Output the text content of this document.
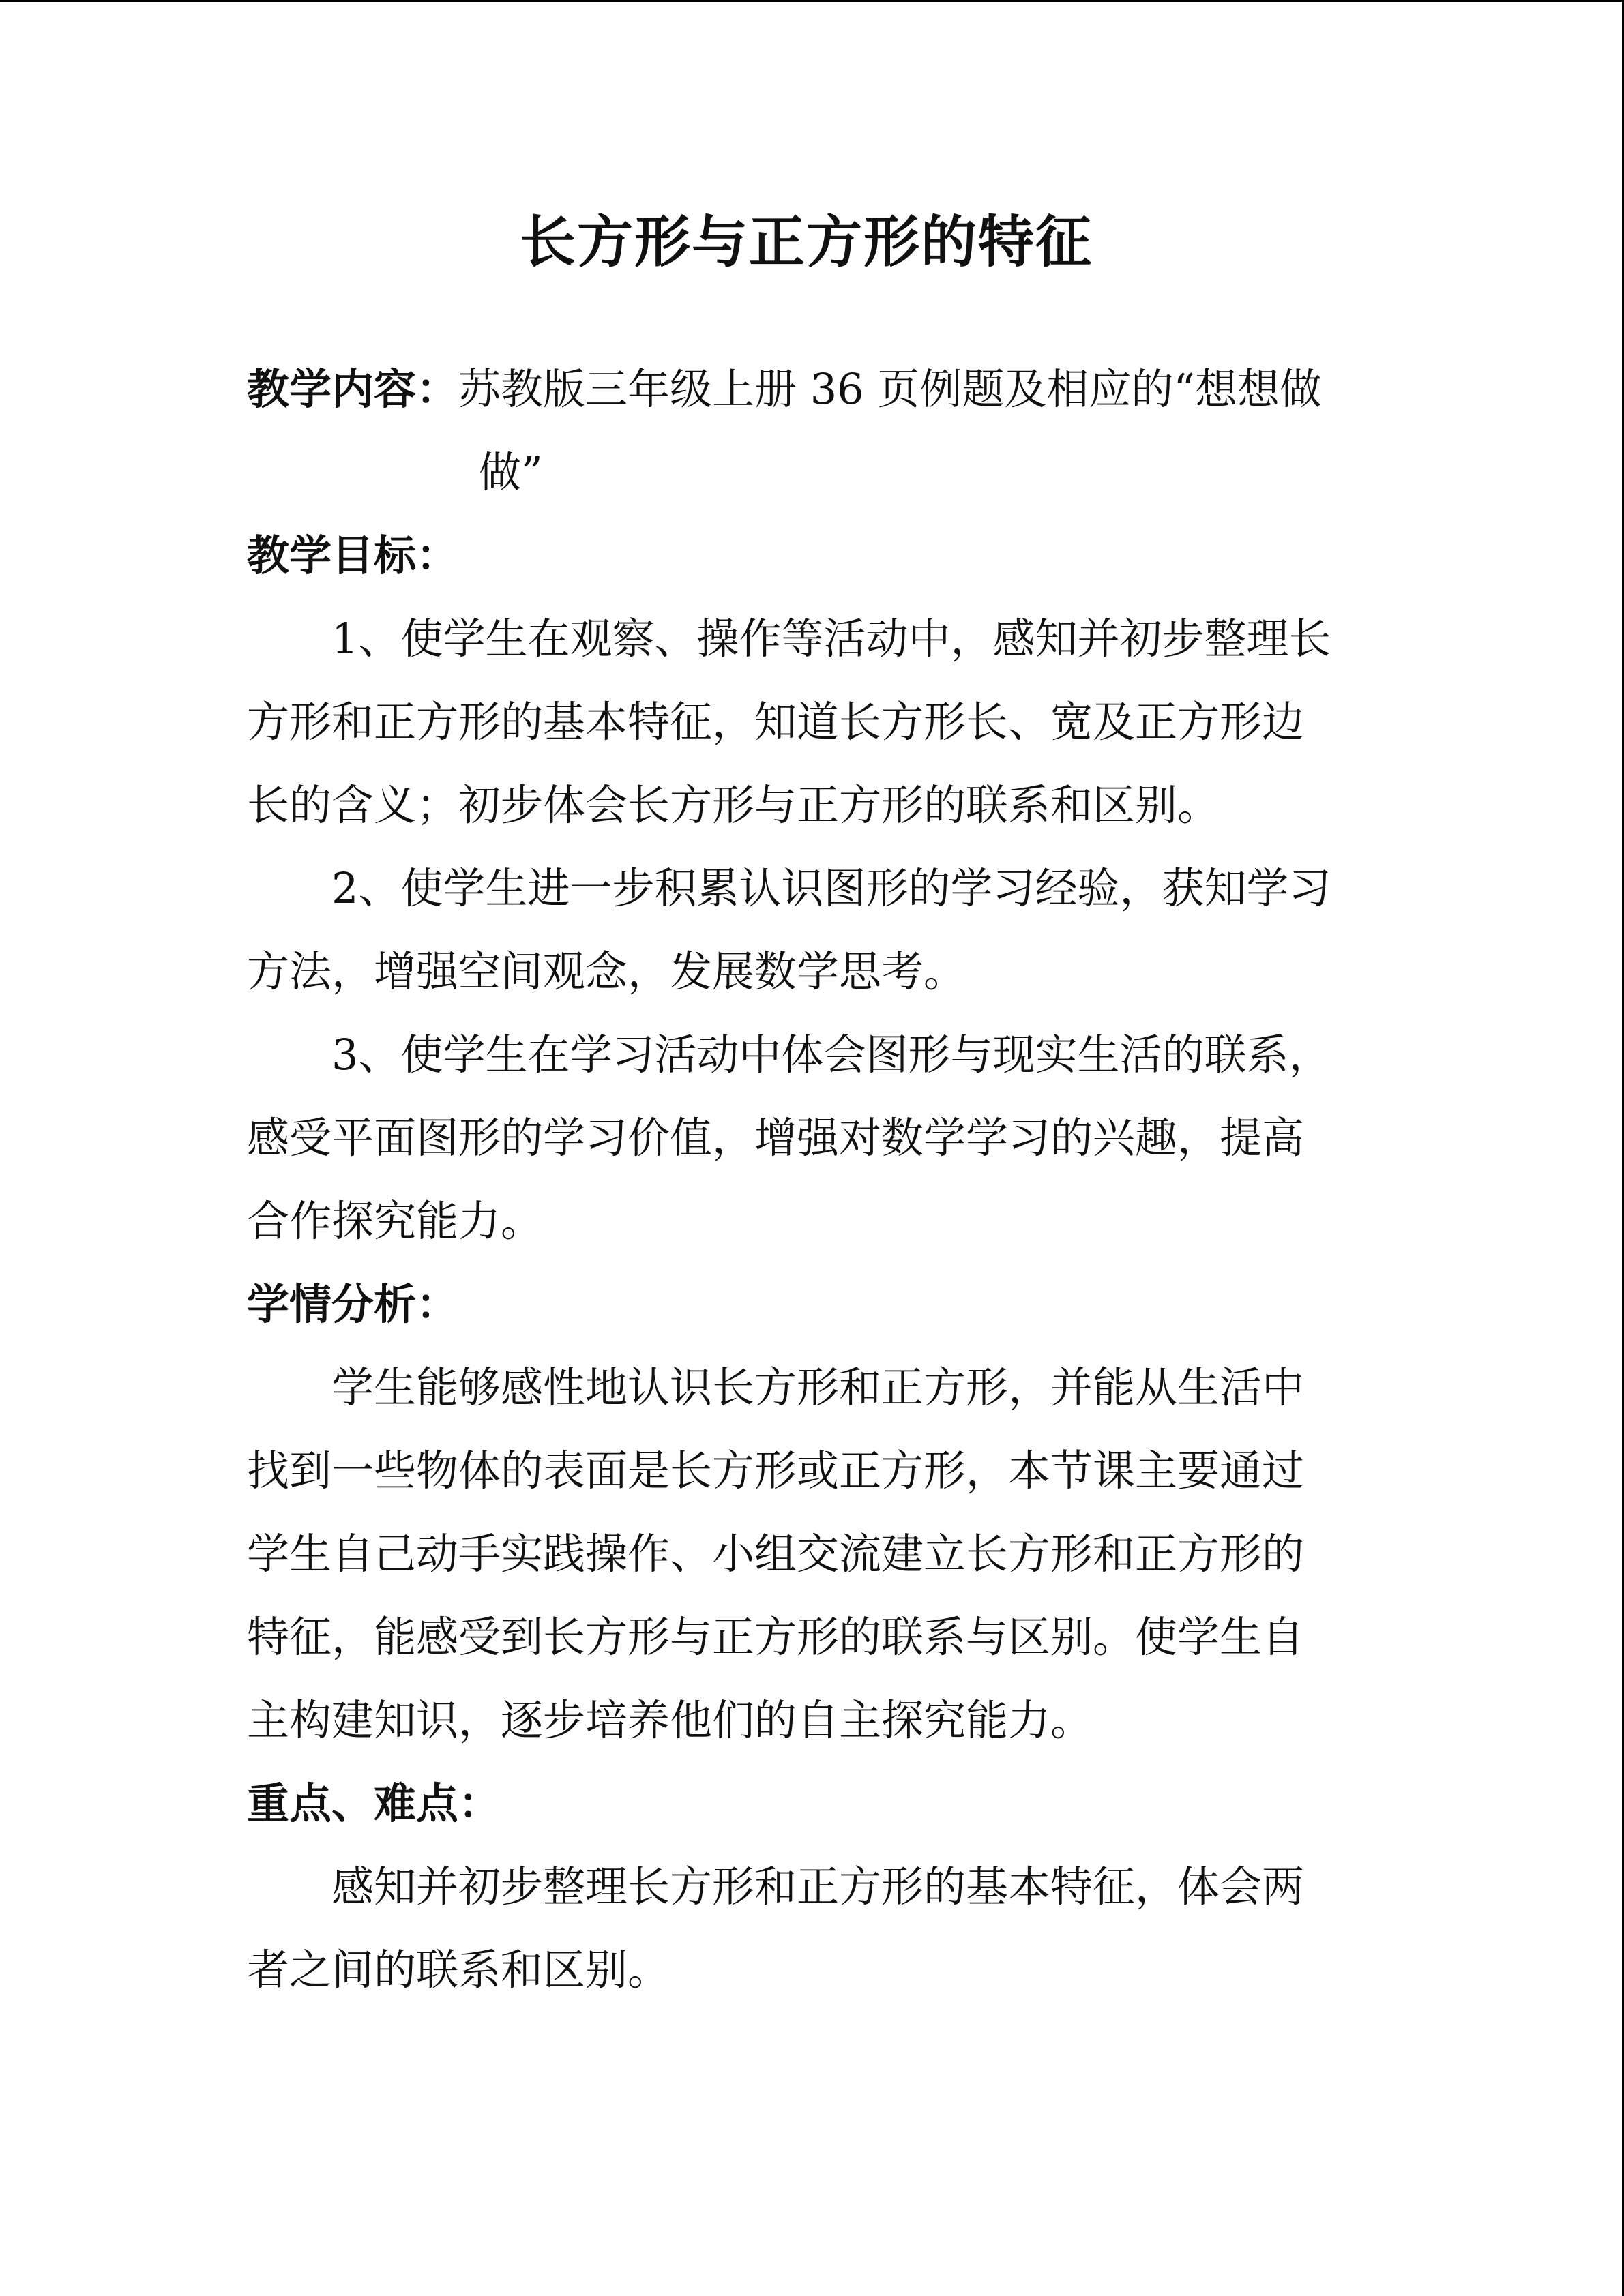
长方形与正方形的特征
教学内容：苏教版三年级上册 36 页例题及相应的“想想做
做”
教学目标：

1、使学生在观察、操作等活动中，感知并初步整理长
方形和正方形的基本特征，知道长方形长、宽及正方形边
长的含义；初步体会长方形与正方形的联系和区别。

2、使学生进一步积累认识图形的学习经验，获知学习
方法，增强空间观念，发展数学思考。

3、使学生在学习活动中体会图形与现实生活的联系，
感受平面图形的学习价值，增强对数学学习的兴趣，提高
合作探究能力。

学情分析：

学生能够感性地认识长方形和正方形，并能从生活中
找到一些物体的表面是长方形或正方形，本节课主要通过
学生自己动手实践操作、小组交流建立长方形和正方形的
特征，能感受到长方形与正方形的联系与区别。使学生自
主构建知识，逐步培养他们的自主探究能力。

重点、难点：

感知并初步整理长方形和正方形的基本特征，体会两
者之间的联系和区别。
